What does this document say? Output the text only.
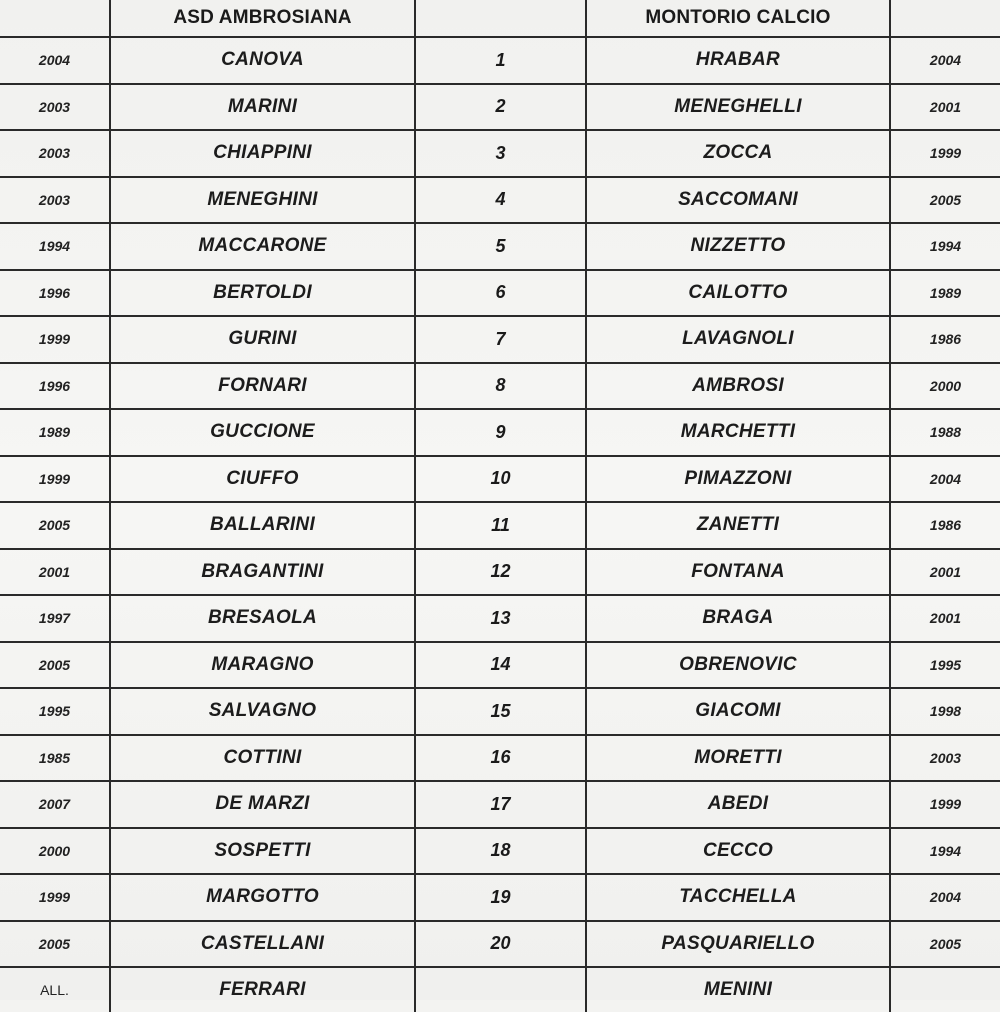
	ASD AMBROSIANA		MONTORIO CALCIO	
2004	CANOVA	1	HRABAR	2004
2003	MARINI	2	MENEGHELLI	2001
2003	CHIAPPINI	3	ZOCCA	1999
2003	MENEGHINI	4	SACCOMANI	2005
1994	MACCARONE	5	NIZZETTO	1994
1996	BERTOLDI	6	CAILOTTO	1989
1999	GURINI	7	LAVAGNOLI	1986
1996	FORNARI	8	AMBROSI	2000
1989	GUCCIONE	9	MARCHETTI	1988
1999	CIUFFO	10	PIMAZZONI	2004
2005	BALLARINI	11	ZANETTI	1986
2001	BRAGANTINI	12	FONTANA	2001
1997	BRESAOLA	13	BRAGA	2001
2005	MARAGNO	14	OBRENOVIC	1995
1995	SALVAGNO	15	GIACOMI	1998
1985	COTTINI	16	MORETTI	2003
2007	DE MARZI	17	ABEDI	1999
2000	SOSPETTI	18	CECCO	1994
1999	MARGOTTO	19	TACCHELLA	2004
2005	CASTELLANI	20	PASQUARIELLO	2005
ALL.	FERRARI		MENINI	
